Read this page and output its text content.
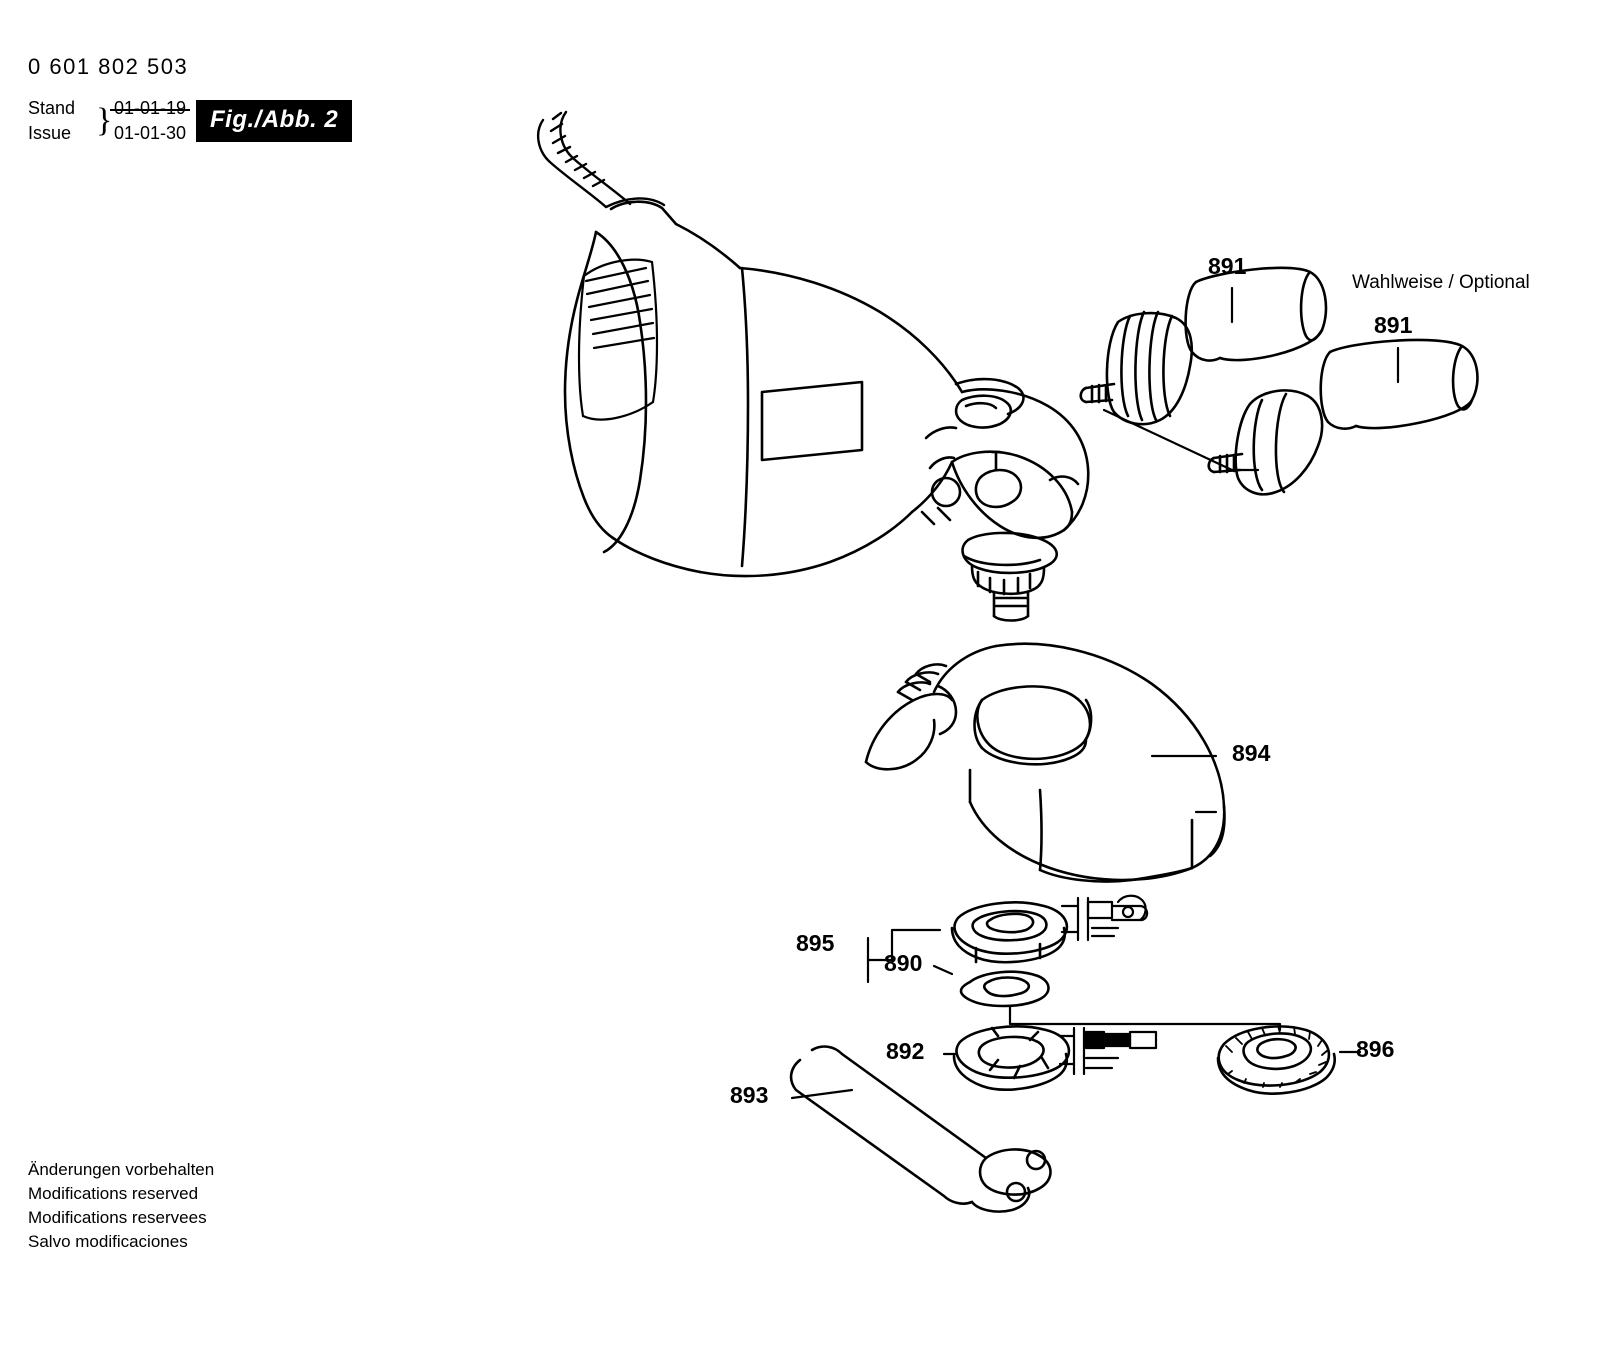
0 601 802 503
Stand
Issue } 01-01-19
01-01-30 Fig./Abb. 2
891
Wahlweise / Optional
891
894
895
890
892	896
893
Änderungen vorbehalten
Modifications reserved
Modifications reservees
Salvo modificaciones
